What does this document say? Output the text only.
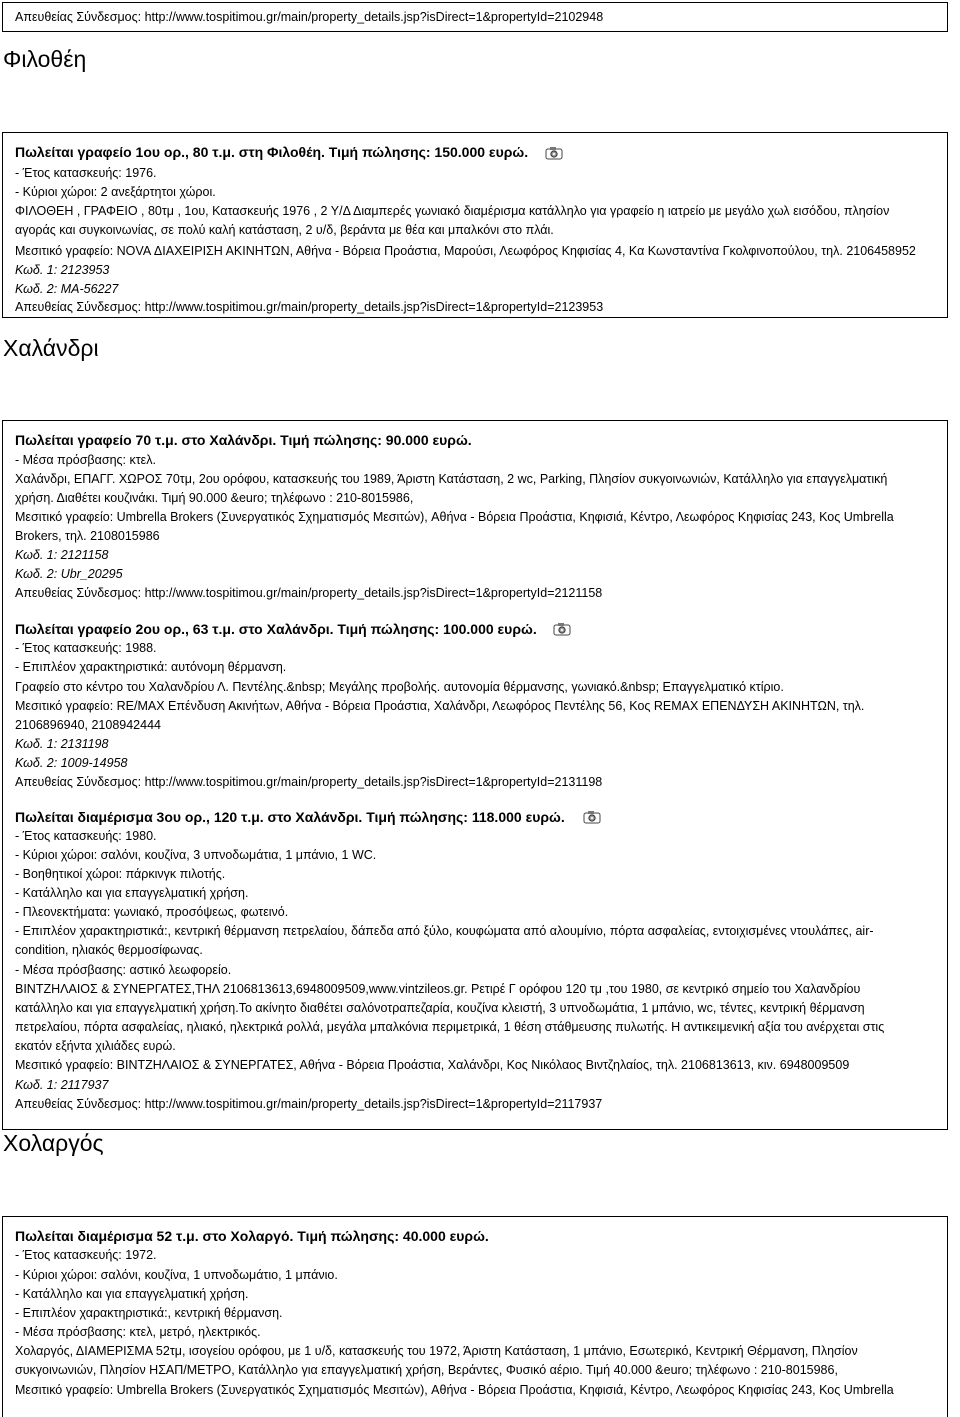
Απευθείας Σύνδεσμος: http://www.tospitimou.gr/main/property_details.jsp?isDirect=1&propertyId=2102948
Φιλοθέη
Πωλείται γραφείο 1ου ορ., 80 τ.μ. στη Φιλοθέη. Τιμή πώλησης: 150.000 ευρώ.
- Έτος κατασκευής: 1976.
- Κύριοι χώροι: 2 ανεξάρτητοι χώροι.
ΦΙΛΟΘΕΗ , ΓΡΑΦΕΙΟ , 80τμ , 1ου, Κατασκευής 1976 , 2 Υ/Δ Διαμπερές γωνιακό διαμέρισμα κατάλληλο για γραφείο η ιατρείο με μεγάλο χωλ εισόδου, πλησίον
αγοράς και συγκοινωνίας, σε πολύ καλή κατάσταση, 2 υ/δ, βεράντα με θέα και μπαλκόνι στο πλάι.
Μεσιτικό γραφείο: NOVA ΔΙΑΧΕΙΡΙΣΗ ΑΚΙΝΗΤΩΝ, Αθήνα - Βόρεια Προάστια, Μαρούσι, Λεωφόρος Κηφισίας 4, Κα Κωνσταντίνα Γκολφινοπούλου, τηλ. 2106458952
Κωδ. 1: 2123953
Κωδ. 2: ΜΑ-56227
Απευθείας Σύνδεσμος: http://www.tospitimou.gr/main/property_details.jsp?isDirect=1&propertyId=2123953
Χαλάνδρι
Πωλείται γραφείο 70 τ.μ. στο Χαλάνδρι. Τιμή πώλησης: 90.000 ευρώ.
- Μέσα πρόσβασης: κτελ.
Χαλάνδρι, ΕΠΑΓΓ. ΧΩΡΟΣ 70τμ, 2ου ορόφου, κατασκευής του 1989, Άριστη Κατάσταση, 2 wc, Parking, Πλησίον συκγοινωνιών, Κατάλληλο για επαγγελματική
χρήση. Διαθέτει κουζινάκι. Τιμή 90.000 &euro; τηλέφωνο : 210-8015986,
Μεσιτικό γραφείο: Umbrella Brokers (Συνεργατικός Σχηματισμός Μεσιτών), Αθήνα - Βόρεια Προάστια, Κηφισιά, Κέντρο, Λεωφόρος Κηφισίας 243, Κος Umbrella
Brokers, τηλ. 2108015986
Κωδ. 1: 2121158
Κωδ. 2: Ubr_20295
Απευθείας Σύνδεσμος: http://www.tospitimou.gr/main/property_details.jsp?isDirect=1&propertyId=2121158
Πωλείται γραφείο 2ου ορ., 63 τ.μ. στο Χαλάνδρι. Τιμή πώλησης: 100.000 ευρώ.
- Έτος κατασκευής: 1988.
- Επιπλέον χαρακτηριστικά: αυτόνομη θέρμανση.
Γραφείο στο κέντρο του Χαλανδρίου Λ. Πεντέλης.&nbsp; Μεγάλης προβολής. αυτονομία θέρμανσης, γωνιακό.&nbsp; Επαγγελματικό κτίριο.
Μεσιτικό γραφείο: RE/MAX Επένδυση Ακινήτων, Αθήνα - Βόρεια Προάστια, Χαλάνδρι, Λεωφόρος Πεντέλης 56, Κος REMAX ΕΠΕΝΔΥΣΗ ΑΚΙΝΗΤΩΝ, τηλ.
2106896940, 2108942444
Κωδ. 1: 2131198
Κωδ. 2: 1009-14958
Απευθείας Σύνδεσμος: http://www.tospitimou.gr/main/property_details.jsp?isDirect=1&propertyId=2131198
Πωλείται διαμέρισμα 3ου ορ., 120 τ.μ. στο Χαλάνδρι. Τιμή πώλησης: 118.000 ευρώ.
- Έτος κατασκευής: 1980.
- Κύριοι χώροι: σαλόνι, κουζίνα, 3 υπνοδωμάτια, 1 μπάνιο, 1 WC.
- Βοηθητικοί χώροι: πάρκινγκ πιλοτής.
- Κατάλληλο και για επαγγελματική χρήση.
- Πλεονεκτήματα: γωνιακό, προσόψεως, φωτεινό.
- Επιπλέον χαρακτηριστικά:, κεντρική θέρμανση πετρελαίου, δάπεδα από ξύλο, κουφώματα από αλουμίνιο, πόρτα ασφαλείας, εντοιχισμένες ντουλάπες, air-
condition, ηλιακός θερμοσίφωνας.
- Μέσα πρόσβασης: αστικό λεωφορείο.
ΒΙΝΤΖΗΛΑΙΟΣ & ΣΥΝΕΡΓΑΤΕΣ,ΤΗΛ 2106813613,6948009509,www.vintzileos.gr. Ρετιρέ Γ ορόφου 120 τμ ,του 1980, σε κεντρικό σημείο του Χαλανδρίου
κατάλληλο και για επαγγελματική χρήση.Το ακίνητο διαθέτει σαλόνοτραπεζαρία, κουζίνα κλειστή, 3 υπνοδωμάτια, 1 μπάνιο, wc, τέντες, κεντρική θέρμανση
πετρελαίου, πόρτα ασφαλείας, ηλιακό, ηλεκτρικά ρολλά, μεγάλα μπαλκόνια περιμετρικά, 1 θέση στάθμευσης πυλωτής. Η αντικειμενική αξία του ανέρχεται στις
εκατόν εξήντα χιλιάδες ευρώ.
Μεσιτικό γραφείο: ΒΙΝΤΖΗΛΑΙΟΣ & ΣΥΝΕΡΓΑΤΕΣ, Αθήνα - Βόρεια Προάστια, Χαλάνδρι, Κος Νικόλαος Βιντζηλαίος, τηλ. 2106813613, κιν. 6948009509
Κωδ. 1: 2117937
Απευθείας Σύνδεσμος: http://www.tospitimou.gr/main/property_details.jsp?isDirect=1&propertyId=2117937
Χολαργός
Πωλείται διαμέρισμα 52 τ.μ. στο Χολαργό. Τιμή πώλησης: 40.000 ευρώ.
- Έτος κατασκευής: 1972.
- Κύριοι χώροι: σαλόνι, κουζίνα, 1 υπνοδωμάτιο, 1 μπάνιο.
- Κατάλληλο και για επαγγελματική χρήση.
- Επιπλέον χαρακτηριστικά:, κεντρική θέρμανση.
- Μέσα πρόσβασης: κτελ, μετρό, ηλεκτρικός.
Χολαργός, ΔΙΑΜΕΡΙΣΜΑ 52τμ, ισογείου ορόφου, με 1 υ/δ, κατασκευής του 1972, Άριστη Κατάσταση, 1 μπάνιο, Εσωτερικό, Κεντρική Θέρμανση, Πλησίον
συκγοινωνιών, Πλησίον ΗΣΑΠ/ΜΕΤΡΟ, Κατάλληλο για επαγγελματική χρήση, Βεράντες, Φυσικό αέριο. Τιμή 40.000 &euro; τηλέφωνο : 210-8015986,
Μεσιτικό γραφείο: Umbrella Brokers (Συνεργατικός Σχηματισμός Μεσιτών), Αθήνα - Βόρεια Προάστια, Κηφισιά, Κέντρο, Λεωφόρος Κηφισίας 243, Κος Umbrella
